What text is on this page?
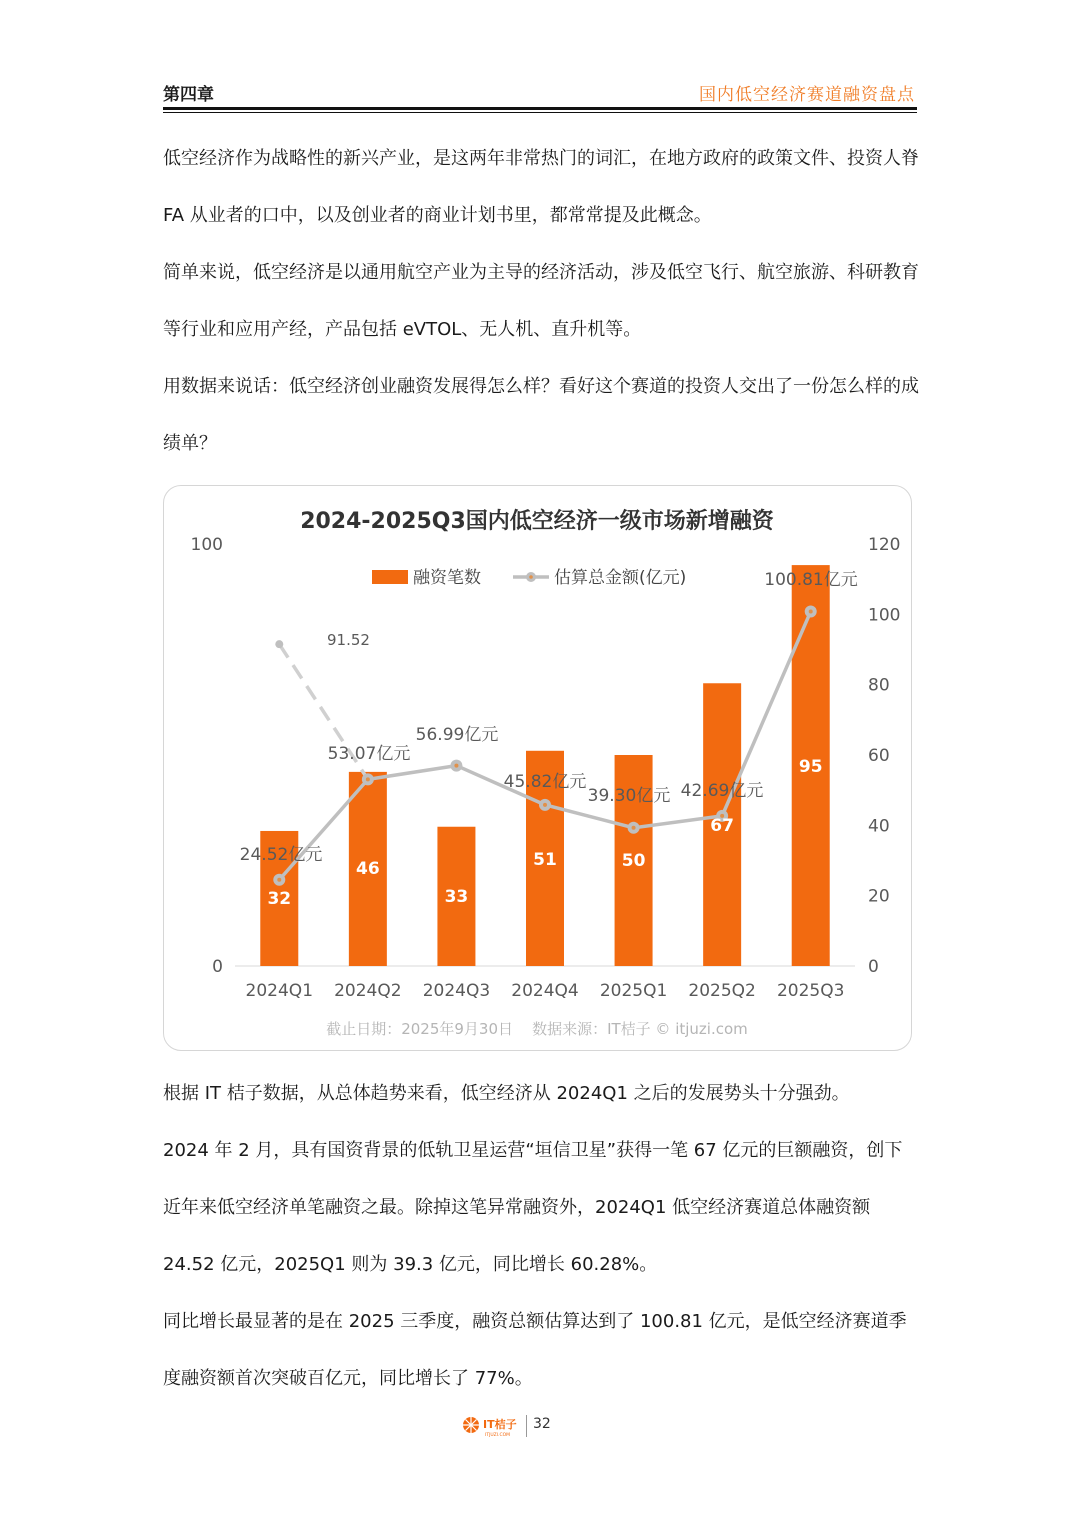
第四章	国内低空经济赛道融资盘点

低空经济作为战略性的新兴产业，是这两年非常热门的词汇，在地方政府的政策文件、投资人脊 FA 从业者的口中，以及创业者的商业计划书里，都常常提及此概念。

简单来说，低空经济是以通用航空产业为主导的经济活动，涉及低空飞行、航空旅游、科研教育等行业和应用产经，产品包括 eVTOL、无人机、直升机等。

用数据来说话：低空经济创业融资发展得怎么样？看好这个赛道的投资人交出了一份怎么样的成绩单？

2024-2025Q3国内低空经济一级市场新增融资
融资笔数	估算总金额(亿元)
100
0
120
100
80
60
40
20
0
2024Q1 2024Q2 2024Q3 2024Q4 2025Q1 2025Q2 2025Q3
32
46
33
51	50
67
95
24.52亿元
53.07亿元
56.99亿元
45.82亿元
39.30亿元 42.69亿元
100.81亿元
91.52
截止日期：2025年9月30日    数据来源：IT桔子 © itjuzi.com

根据 IT 桔子数据，从总体趋势来看，低空经济从 2024Q1 之后的发展势头十分强劲。

2024 年 2 月，具有国资背景的低轨卫星运营“垣信卫星”获得一笔 67 亿元的巨额融资，创下近年来低空经济单笔融资之最。除掉这笔异常融资外，2024Q1 低空经济赛道总体融资额 24.52 亿元，2025Q1 则为 39.3 亿元，同比增长 60.28%。

同比增长最显著的是在 2025 三季度，融资总额估算达到了 100.81 亿元，是低空经济赛道季度融资额首次突破百亿元，同比增长了 77%。

IT桔子
ITJUZI.COM
32
